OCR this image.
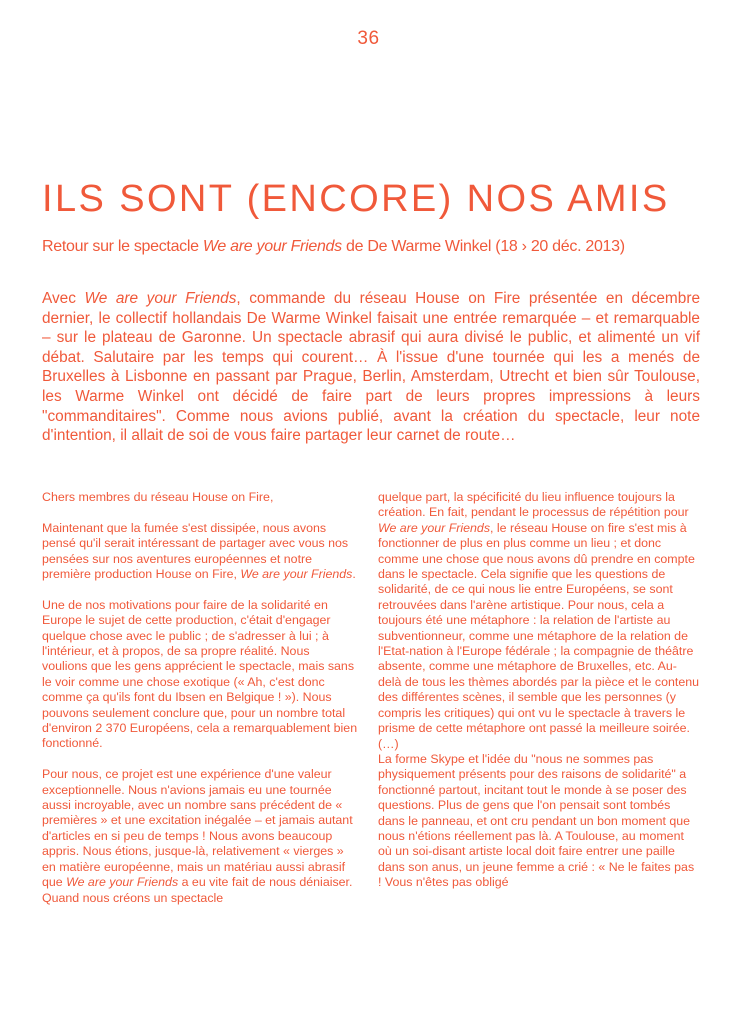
36
ILS SONT (ENCORE) NOS AMIS

Retour sur le spectacle We are your Friends de De Warme Winkel (18 › 20 déc. 2013)

Avec We are your Friends, commande du réseau House on Fire présentée en décembre dernier, le collectif hollandais De Warme Winkel faisait une entrée remarquée – et remarquable – sur le plateau de Garonne. Un spectacle abrasif qui aura divisé le public, et alimenté un vif débat. Salutaire par les temps qui courent… À l'issue d'une tournée qui les a menés de Bruxelles à Lisbonne en passant par Prague, Berlin, Amsterdam, Utrecht et bien sûr Toulouse, les Warme Winkel ont décidé de faire part de leurs propres impressions à leurs "commanditaires". Comme nous avions publié, avant la création du spectacle, leur note d'intention, il allait de soi de vous faire partager leur carnet de route…

Chers membres du réseau House on Fire,

Maintenant que la fumée s'est dissipée, nous avons pensé qu'il serait intéressant de partager avec vous nos pensées sur nos aventures européennes et notre première production House on Fire, We are your Friends.

Une de nos motivations pour faire de la solidarité en Europe le sujet de cette production, c'était d'engager quelque chose avec le public ; de s'adresser à lui ; à l'intérieur, et à propos, de sa propre réalité. Nous voulions que les gens apprécient le spectacle, mais sans le voir comme une chose exotique (« Ah, c'est donc comme ça qu'ils font du Ibsen en Belgique ! »). Nous pouvons seulement conclure que, pour un nombre total d'environ 2 370 Européens, cela a remarquablement bien fonctionné.

Pour nous, ce projet est une expérience d'une valeur exceptionnelle. Nous n'avions jamais eu une tournée aussi incroyable, avec un nombre sans précédent de « premières » et une excitation inégalée – et jamais autant d'articles en si peu de temps ! Nous avons beaucoup appris. Nous étions, jusque-là, relativement « vierges » en matière européenne, mais un matériau aussi abrasif que We are your Friends a eu vite fait de nous déniaiser. Quand nous créons un spectacle

quelque part, la spécificité du lieu influence toujours la création. En fait, pendant le processus de répétition pour We are your Friends, le réseau House on fire s'est mis à fonctionner de plus en plus comme un lieu ; et donc comme une chose que nous avons dû prendre en compte dans le spectacle. Cela signifie que les questions de solidarité, de ce qui nous lie entre Européens, se sont retrouvées dans l'arène artistique. Pour nous, cela a toujours été une métaphore : la relation de l'artiste au subventionneur, comme une métaphore de la relation de l'Etat-nation à l'Europe fédérale ; la compagnie de théâtre absente, comme une métaphore de Bruxelles, etc. Au-delà de tous les thèmes abordés par la pièce et le contenu des différentes scènes, il semble que les personnes (y compris les critiques) qui ont vu le spectacle à travers le prisme de cette métaphore ont passé la meilleure soirée.

(…)

La forme Skype et l'idée du "nous ne sommes pas physiquement présents pour des raisons de solidarité" a fonctionné partout, incitant tout le monde à se poser des questions. Plus de gens que l'on pensait sont tombés dans le panneau, et ont cru pendant un bon moment que nous n'étions réellement pas là. A Toulouse, au moment où un soi-disant artiste local doit faire entrer une paille dans son anus, un jeune femme a crié : « Ne le faites pas ! Vous n'êtes pas obligé
